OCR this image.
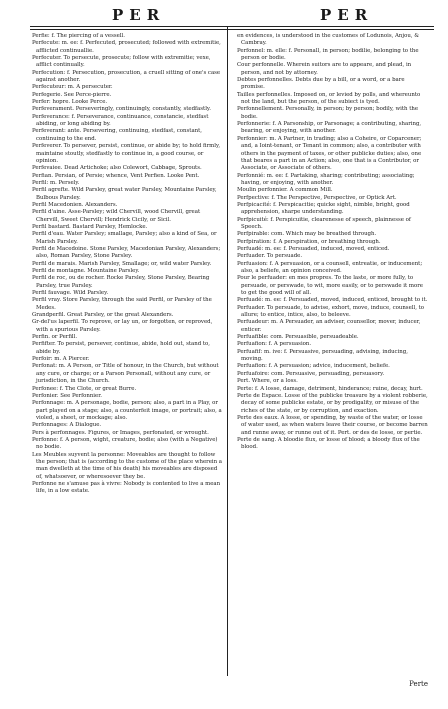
PER	PER

Perfie: f. The piercing of a vessell.

Perfecute: m. ee: f. Perfecuted, prosecuted; followed with extremitie, afflicted continuallie.

Perfecuter. To persecute, prosecute; follow with extremitie; vexe, afflict continually.

Perfecution: f. Persecution, prosecution, a cruell sitting of one's case against another.

Perfecuteur: m. A persecuter.

Perfegerie. See Perce-pierre.

Perfer: hopre. Looke Perce.

Perfeverament. Perseveringly, continuingly, constantly, stedfastly.

Perfeverance: f. Perseverance, continuance, constancie, stedfast abiding, or long abiding by.

Perfeverant: ante. Persevering, continuing, stedfast, constant, continuing to the end.

Perfeverer. To persever, persist, continue, or abide by; to hold firmly, maintaine stoutly, stedfastly to continue in, a good course, or opinion.

Perfevaiee. Dead Artichoke; also Colewort, Cabbage, Sprouts.

Perfian. Persian, of Persie; whence, Vent Perfien. Looke Pent.

Perfil: m. Persely.

Perfil agrefte. Wild Parsley, great water Parsley, Mountaine Parsley, Bulbous Parsley.

Perfil Macedonien. Alexanders.

Perfil d'aine. Asse-Parsley; wild Chervill, wood Chervill, great Chervill, Sweet Chervill; Hendrick Cicily, or Sicil.

Perfil bastard. Bastard Parsley, Hemlocke.

Perfil d'eau. Water Parsley; smallage, Parsley; also a kind of Sea, or Marish Parsley.

Perfil de Macedoine. Stone Parsley, Macedonian Parsley, Alexanders; also, Roman Parsley, Stone Parsley.

Perfil de marais. Marish Parsley, Smallage; or, wild water Parsley.

Perfil de montagne. Mountaine Parsley.

Perfil de roc, ou de rocher. Rocke Parsley, Stone Parsley, Bearing Parsley, true Parsley.

Perfil fauvage. Wild Parsley.

Perfil vray. Store Parsley, through the said Perfil, or Parsley of the Medes.

Grandperfil. Great Parsley, or the great Alexanders.

Gr-del'us laperfil. To reprove, or lay un, or forgotten, or reproved, with a spurious Parsley.

Perfin. or Perfill.

Perfifter. To persist, persever, continue, abide, hold out, stand to, abide by.

Perfoir: m. A Piercer.

Perfonat: m. A Person, or Title of honour, in the Church, but without any cure, or charge; or a Parson Personall, without any cure, or jurisdiction, in the Church.

Perfonee: f. The Clote, or great Burre.

Perfonier. See Perfonnier.

Perfonnage: m. A personage, bodie, person; also, a part in a Play, or part played on a stage; also, a counterfeit image, or portrait; also, a violed, a sheet, or mockage; also.

Perfonnages: A Dialogue.

Pers à perfonnages. Figures, or Images, perfonated, or wrought.

Perfonne: f. A person, wight, creature, bodie; also (with a Negative) no bodie.

Les Meubles suyvent la personne: Moveables are thought to follow the person; that is (according to the custome of the place wherein a man dwelleth at the time of his death) his moveables are disposed of, whatsoever, or wheresoever they be.

Perfonne ne s'amuse pas à vivre: Nobody is contented to live a mean life, in a low estate.

en evidences, is understood in the customes of Lodunois, Anjou, & Cambray.

Perfonnel: m. elle: f. Personall, in person; bodilie, belonging to the person or bodie.

Cour perfonnelle. Wherein suitors are to appeare, and plead, in person, and not by attorney.

Debtes perfonnelles. Debts due by a bill, or a word, or a bare promise.

Tailles perfonnelles. Imposed on, or levied by polls, and whereunto not the land, but the person, of the subiect is tyed.

Perfonnellement. Personally, in person; by person; bodily, with the bodie.

Perfonnerie: f. A Parsonship, or Parsonage; a contributing, sharing, bearing, or enjoying, with another.

Perfonnier: m. A Partner, in trading; also a Coheire, or Coparcener; and, a Ioint-tenant, or Tenant in common; also, a contributer with others in the payment of taxes, or other publicke duties; also, one that beares a part in an Action; also, one that is a Contributor, or Associate, or Associate of others.

Perfonnié: m. ee: f. Partaking, sharing; contributing; associating; having, or enjoying, with another.

Moulin perfonnier. A common Mill.

Perfpective: f. The Perspective, Perspective, or Optick Art.

Perfpicacité: f. Perspicacitie; quicke sight, nimble, bright, good apprehension, sharpe understanding.

Perfpicuité: f. Perspicuitie, clearenesse of speech, plainnesse of Speech.

Perfpirable: com. Which may be breathed through.

Perfpiration: f. A perspiration, or breathing through.

Perfuadé: m. ee: f. Persuaded, induced, moved, enticed.

Perfuader. To persuade.

Perfuasion: f. A persuasion, or a counsell, entreatie, or inducement; also, a beliefe, an opinion conceived.

Pour le perfuader: en mes propres. To the laste, or more fully, to persuade, or perswade, to wit, more easily, or to perswade it more to get the good will of all.

Perfuadé: m. ee: f. Persuaded, moved, induced, enticed, brought to it.

Perfuader. To persuade, to advise, exhort, move, induce, counsell, to allure; to entice, intice, also, to beleeve.

Perfuadeur: m. A Persuader, an adviser, counsellor, mover, inducer, enticer.

Perfuafible: com. Persuasible, persuadeable.

Perfuafion: f. A persuasion.

Perfuafif: m. ive: f. Persuasive, persuading, advising, inducing, moving.

Perfuafion: f. A persuasion; advice, inducement, beliefe.

Perfuafoire: com. Persuasive, persuading, persuasory.

Pert. Where, or a loss.

Perte: f. A losse, damage, detriment, hinderance; ruine, decay, hurt.

Perte de Espace. Losse of the publicke treasure by a violent robberie, decay of some publicke estate, or by prodigality, or misuse of the riches of the state, or by corruption, and exaction.

Perte des eaux. A losse, or spending, by waste of the water, or losse of water used, as when waters leave their course, or become barren and runne away, or runne out of it. Pert. or des de losse, or pertie.

Perte de sang. A bloodie flux, or losse of blood; a bloody flux of the blood.

Perte
